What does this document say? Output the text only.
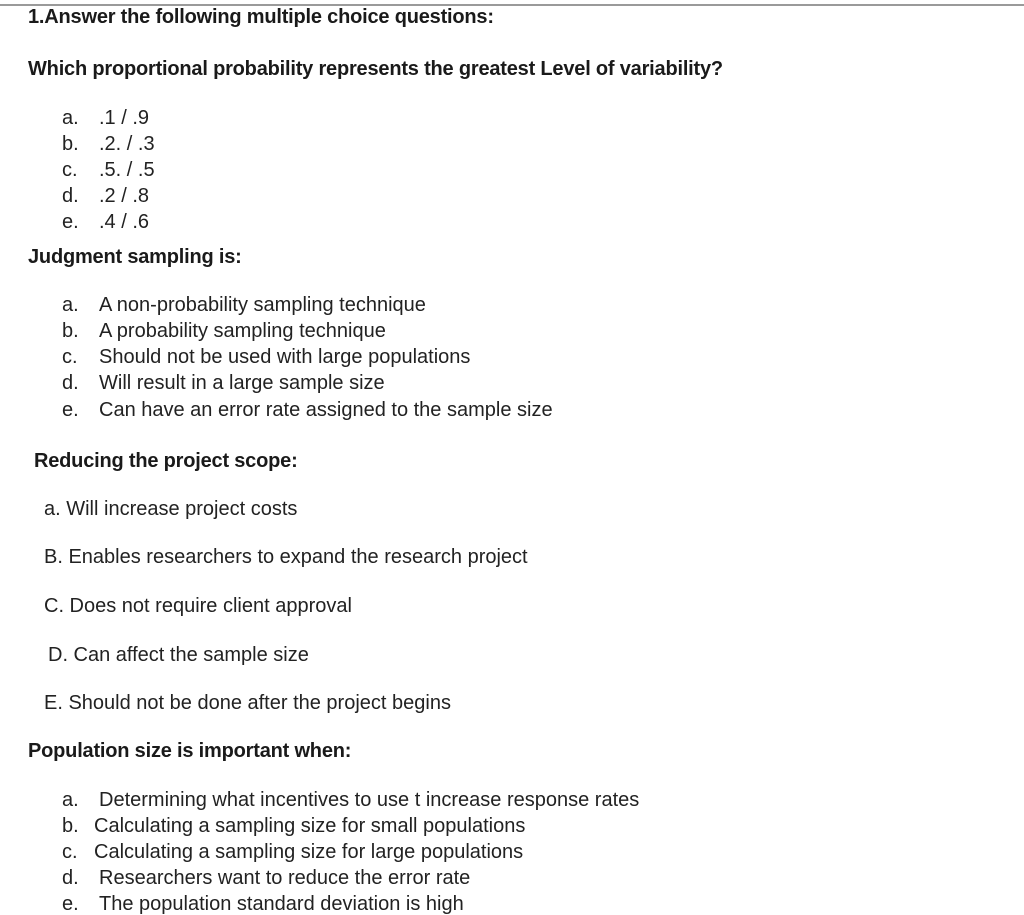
1.Answer the following multiple choice questions:
Which proportional probability represents the greatest Level of variability?
a. .1 / .9
b. .2. / .3
c. .5. / .5
d. .2 / .8
e. .4 / .6
Judgment sampling is:
a. A non-probability sampling technique
b. A probability sampling technique
c. Should not be used with large populations
d. Will result in a large sample size
e. Can have an error rate assigned to the sample size
Reducing the project scope:
a. Will increase project costs
B. Enables researchers to expand the research project
C. Does not require client approval
D. Can affect the sample size
E. Should not be done after the project begins
Population size is important when:
a. Determining what incentives to use t increase response rates
b. Calculating a sampling size for small populations
c. Calculating a sampling size for large populations
d. Researchers want to reduce the error rate
e. The population standard deviation is high
